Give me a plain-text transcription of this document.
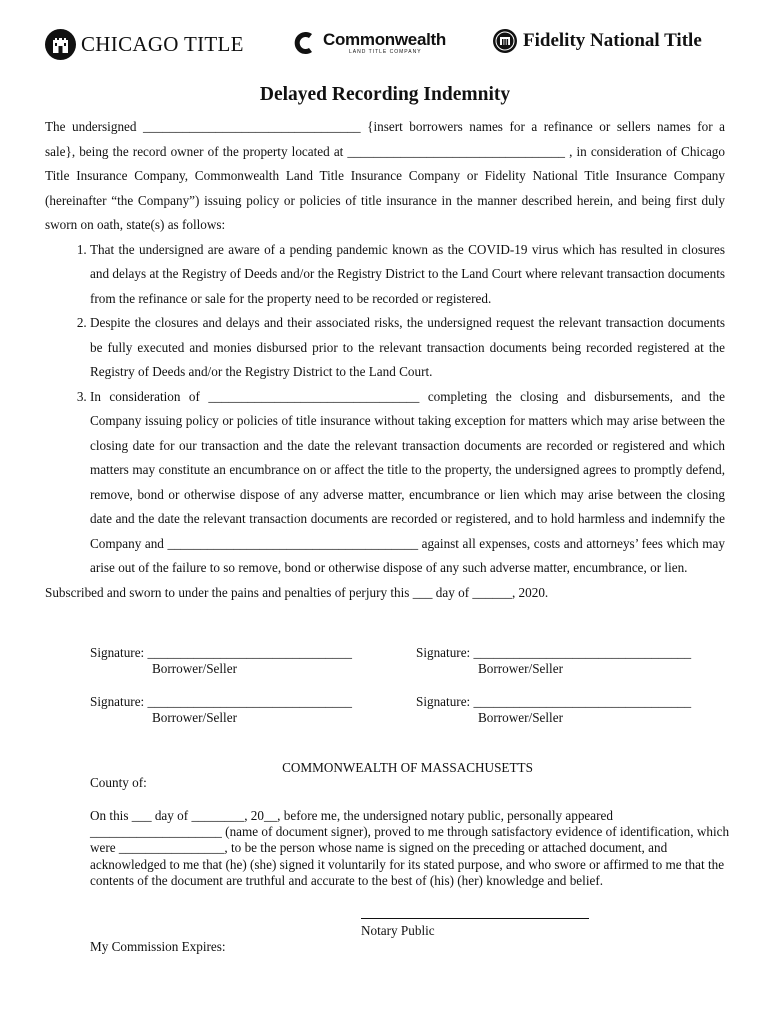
CHICAGO TITLE	Commonwealth
LAND TITLE COMPANY
Fidelity National Title
Delayed Recording Indemnity

The undersigned _________________________________ {insert borrowers names for a refinance or sellers names for a

sale}, being the record owner of the property located at _________________________________ , in consideration of Chicago Title Insurance Company, Commonwealth Land Title Insurance Company or Fidelity National Title Insurance Company (hereinafter “the Company”) issuing policy or policies of title insurance in the manner described herein, and being first duly sworn on oath, state(s) as follows:

1. That the undersigned are aware of a pending pandemic known as the COVID-19 virus which has resulted in closures and delays at the Registry of Deeds and/or the Registry District to the Land Court where relevant transaction documents from the refinance or sale for the property need to be recorded or registered.
2. Despite the closures and delays and their associated risks, the undersigned request the relevant transaction documents be fully executed and monies disbursed prior to the relevant transaction documents being recorded registered at the Registry of Deeds and/or the Registry District to the Land Court.
3. In consideration of ________________________________ completing the closing and disbursements, and the Company issuing policy or policies of title insurance without taking exception for matters which may arise between the closing date for our transaction and the date the relevant transaction documents are recorded or registered and which matters may constitute an encumbrance on or affect the title to the property, the undersigned agrees to promptly defend, remove, bond or otherwise dispose of any adverse matter, encumbrance or lien which may arise between the closing date and the date the relevant transaction documents are recorded or registered, and to hold harmless and indemnify the Company and ______________________________________ against all expenses, costs and attorneys’ fees which may arise out of the failure to so remove, bond or otherwise dispose of any such adverse matter, encumbrance, or lien.

Subscribed and sworn to under the pains and penalties of perjury this ___ day of ______, 2020.

Signature: _______________________________
Borrower/Seller
Signature: _________________________________
Borrower/Seller
Signature: _______________________________
Borrower/Seller
Signature: _________________________________
Borrower/Seller
COMMONWEALTH OF MASSACHUSETTS
County of:
On this ___ day of ________, 20__, before me, the undersigned notary public, personally appeared ____________________ (name of document signer), proved to me through satisfactory evidence of identification, which were ________________, to be the person whose name is signed on the preceding or attached document, and acknowledged to me that (he) (she) signed it voluntarily for its stated purpose, and who swore or affirmed to me that the contents of the document are truthful and accurate to the best of (his) (her) knowledge and belief.
Notary Public
My Commission Expires:
